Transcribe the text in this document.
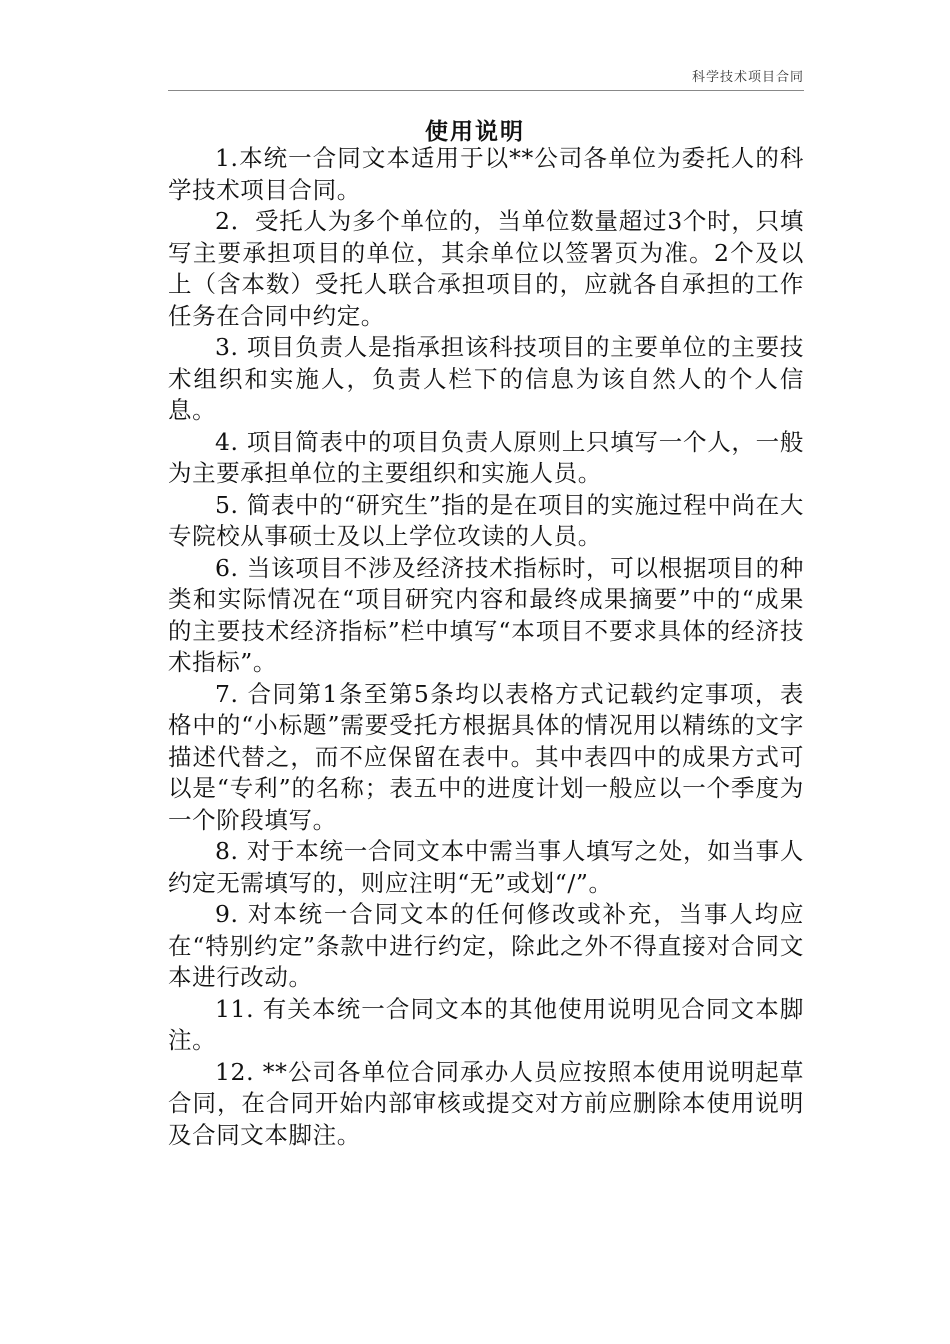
科学技术项目合同
使用说明

1.本统一合同文本适用于以**公司各单位为委托人的科学技术项目合同。

2．受托人为多个单位的，当单位数量超过3个时，只填写主要承担项目的单位，其余单位以签署页为准。2个及以上（含本数）受托人联合承担项目的，应就各自承担的工作任务在合同中约定。

3. 项目负责人是指承担该科技项目的主要单位的主要技术组织和实施人，负责人栏下的信息为该自然人的个人信息。

4. 项目简表中的项目负责人原则上只填写一个人，一般为主要承担单位的主要组织和实施人员。

5. 简表中的“研究生”指的是在项目的实施过程中尚在大专院校从事硕士及以上学位攻读的人员。

6. 当该项目不涉及经济技术指标时，可以根据项目的种类和实际情况在“项目研究内容和最终成果摘要”中的“成果的主要技术经济指标”栏中填写“本项目不要求具体的经济技术指标”。

7. 合同第1条至第5条均以表格方式记载约定事项，表格中的“小标题”需要受托方根据具体的情况用以精练的文字描述代替之，而不应保留在表中。其中表四中的成果方式可以是“专利”的名称；表五中的进度计划一般应以一个季度为一个阶段填写。

8. 对于本统一合同文本中需当事人填写之处，如当事人约定无需填写的，则应注明“无”或划“/”。

9. 对本统一合同文本的任何修改或补充，当事人均应在“特别约定”条款中进行约定，除此之外不得直接对合同文本进行改动。

11. 有关本统一合同文本的其他使用说明见合同文本脚注。

12. **公司各单位合同承办人员应按照本使用说明起草合同，在合同开始内部审核或提交对方前应删除本使用说明及合同文本脚注。
